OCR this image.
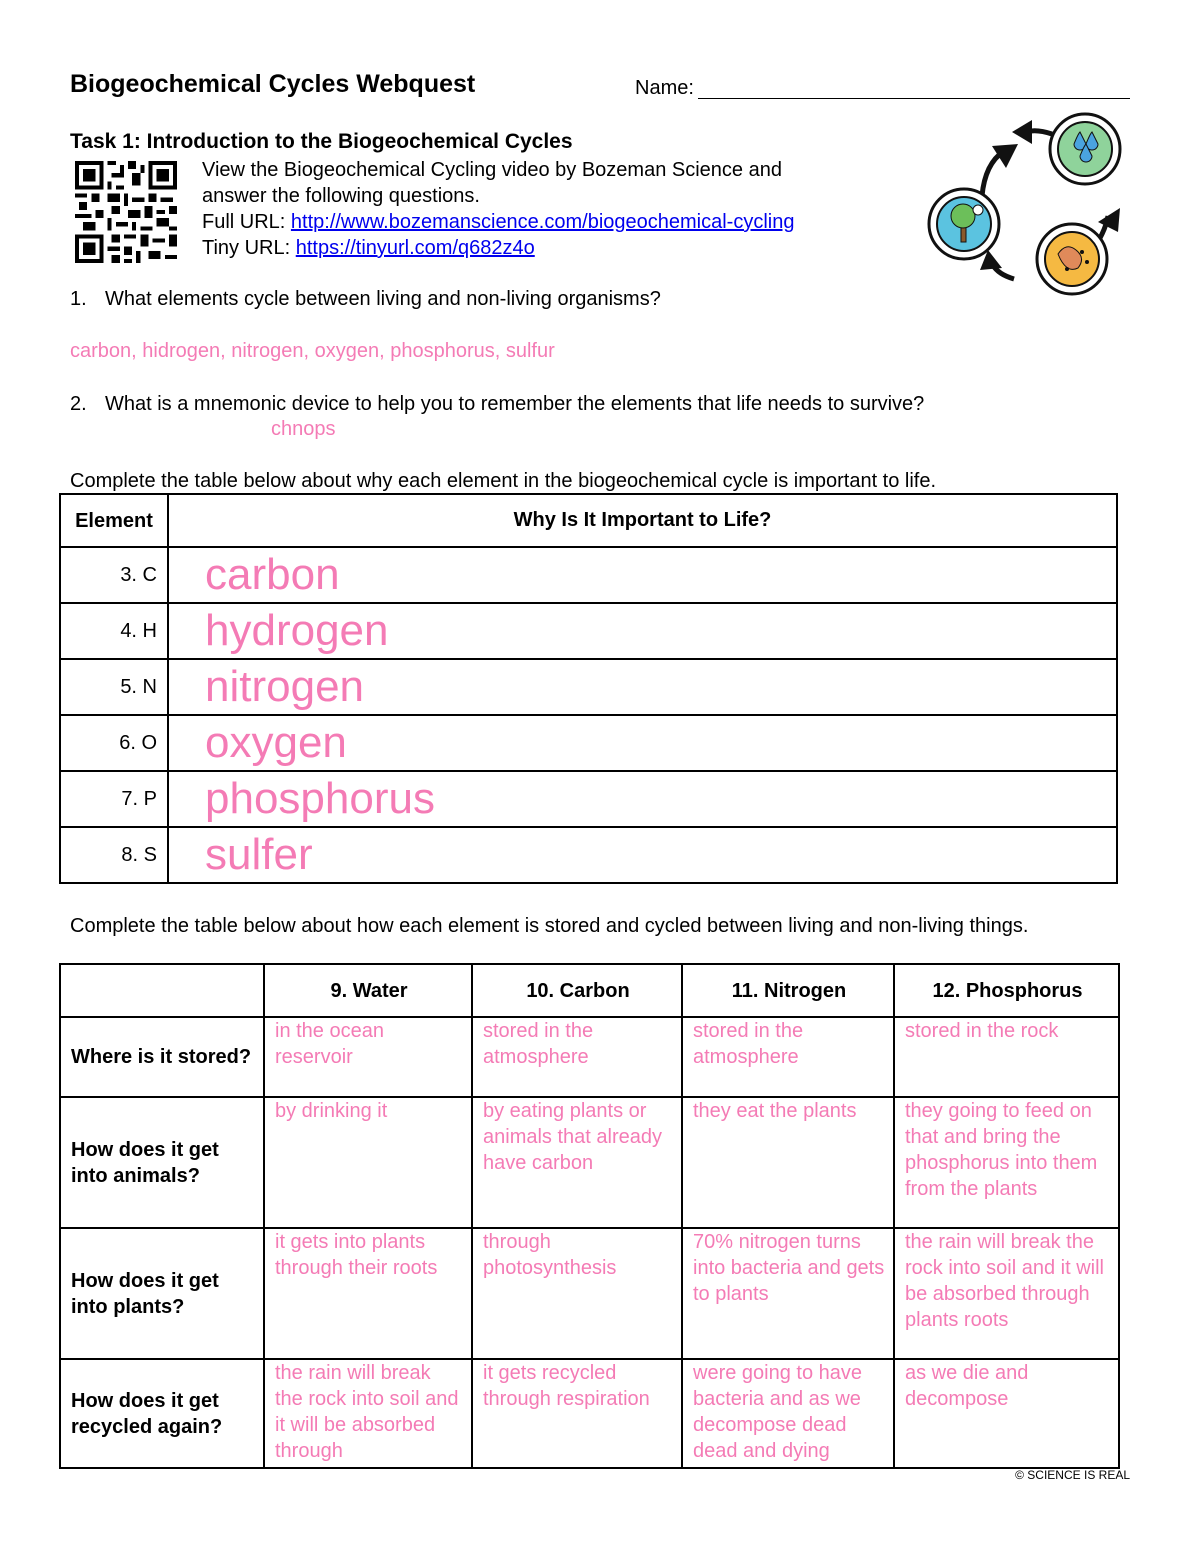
Biogeochemical Cycles Webquest	Name:
Task 1: Introduction to the Biogeochemical Cycles
View the Biogeochemical Cycling video by Bozeman Science and
answer the following questions.
Full URL: http://www.bozemanscience.com/biogeochemical-cycling
Tiny URL: https://tinyurl.com/q682z4o
1. What elements cycle between living and non-living organisms?
carbon, hidrogen, nitrogen, oxygen, phosphorus, sulfur
2. What is a mnemonic device to help you to remember the elements that life needs to survive?
chnops
Complete the table below about why each element in the biogeochemical cycle is important to life.
Element	Why Is It Important to Life?
3. C	carbon
4. H	hydrogen
5. N	nitrogen
6. O	oxygen
7. P	phosphorus
8. S	sulfer
Complete the table below about how each element is stored and cycled between living and non-living things.
	9. Water	10. Carbon	11. Nitrogen	12. Phosphorus

Where is it stored?	in the ocean reservoir	stored in the atmosphere	stored in the atmosphere	stored in the rock
How does it get into animals?	by drinking it	by eating plants or animals that already have carbon	they eat the plants	they going to feed on that and bring the phosphorus into them from the plants
How does it get into plants?	it gets into plants through their roots	through photosynthesis	70% nitrogen turns into bacteria and gets to plants	the rain will break the rock into soil and it will be absorbed through plants roots
How does it get recycled again?	the rain will break the rock into soil and it will be absorbed through	it gets recycled through respiration	were going to have bacteria and as we decompose dead dead and dying	as we die and decompose
© SCIENCE IS REAL
